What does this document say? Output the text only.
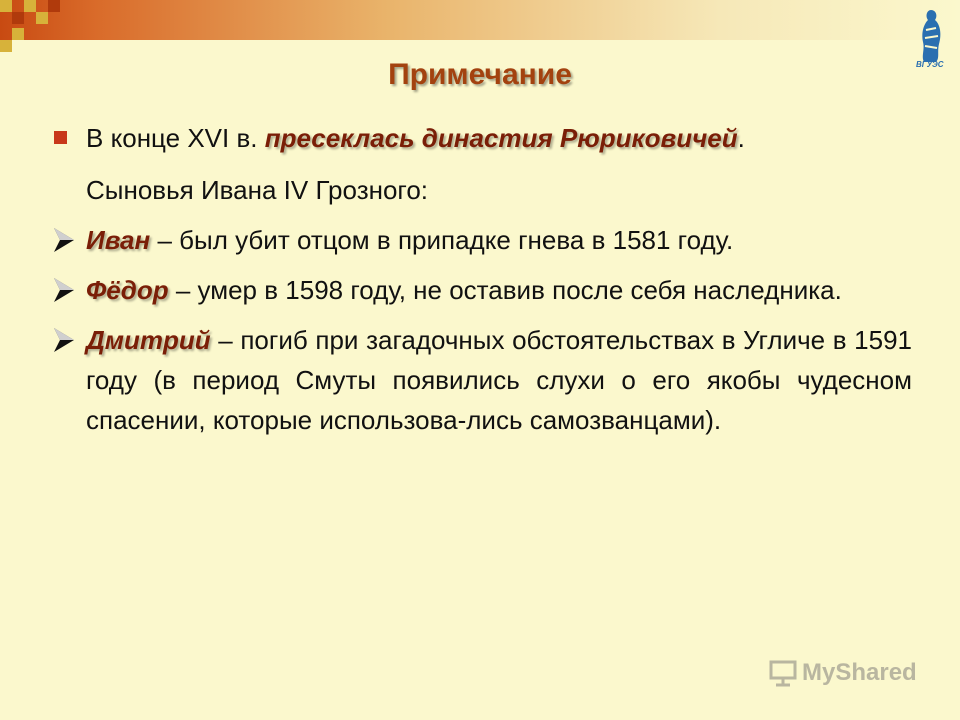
ВГУЭС
Примечание
В конце XVI в. пресеклась династия Рюриковичей.
Сыновья Ивана IV Грозного:
Иван – был убит отцом в припадке гнева в 1581 году.
Фёдор – умер в 1598 году, не оставив после себя наследника.
Дмитрий – погиб при загадочных обстоятельствах в Угличе в 1591 году (в период Смуты появились слухи о его якобы чудесном спасении, которые использова-лись самозванцами).
MyShared
